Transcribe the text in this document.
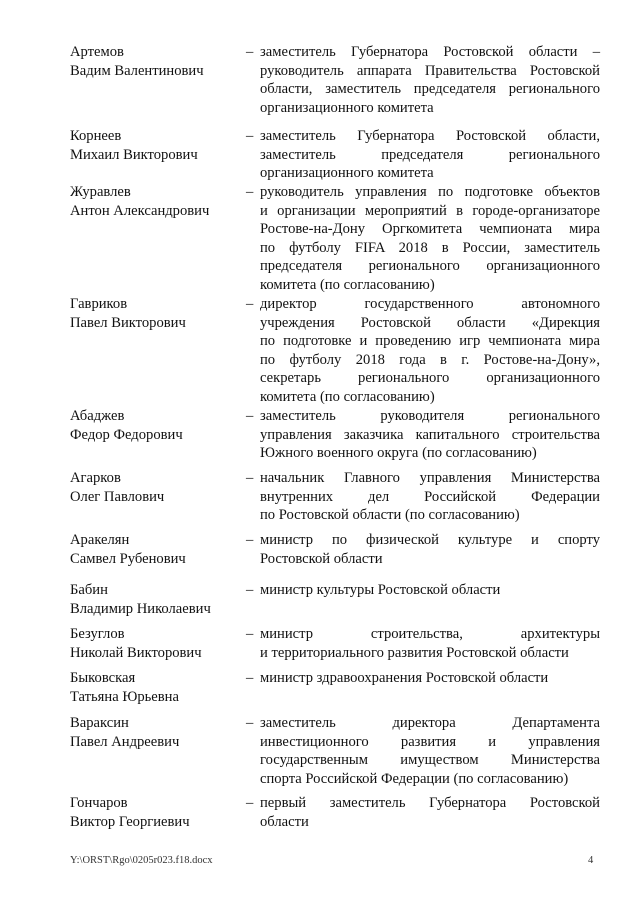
Артемов
Вадим Валентинович
– заместитель Губернатора Ростовской области –
руководитель аппарата Правительства Ростовской
области, заместитель председателя регионального
организационного комитета
Корнеев
Михаил Викторович
– заместитель Губернатора Ростовской области,
заместитель председателя регионального
организационного комитета
Журавлев
Антон Александрович
– руководитель управления по подготовке объектов
и организации мероприятий в городе-организаторе
Ростове-на-Дону Оргкомитета чемпионата мира
по футболу FIFA 2018 в России, заместитель
председателя регионального организационного
комитета (по согласованию)
Гавриков
Павел Викторович
– директор государственного автономного
учреждения Ростовской области «Дирекция
по подготовке и проведению игр чемпионата мира
по футболу 2018 года в г. Ростове-на-Дону»,
секретарь регионального организационного
комитета (по согласованию)
Абаджев
Федор Федорович
– заместитель руководителя регионального
управления заказчика капитального строительства
Южного военного округа (по согласованию)
Агарков
Олег Павлович
– начальник Главного управления Министерства
внутренних дел Российской Федерации
по Ростовской области (по согласованию)
Аракелян
Самвел Рубенович
– министр по физической культуре и спорту
Ростовской области
Бабин
Владимир Николаевич
– министр культуры Ростовской области
Безуглов
Николай Викторович
– министр строительства, архитектуры
и территориального развития Ростовской области
Быковская
Татьяна Юрьевна
– министр здравоохранения Ростовской области
Вараксин
Павел Андреевич
– заместитель директора Департамента
инвестиционного развития и управления
государственным имуществом Министерства
спорта Российской Федерации (по согласованию)
Гончаров
Виктор Георгиевич
– первый заместитель Губернатора Ростовской
области
Y:\ORST\Rgo\0205r023.f18.docx	4
